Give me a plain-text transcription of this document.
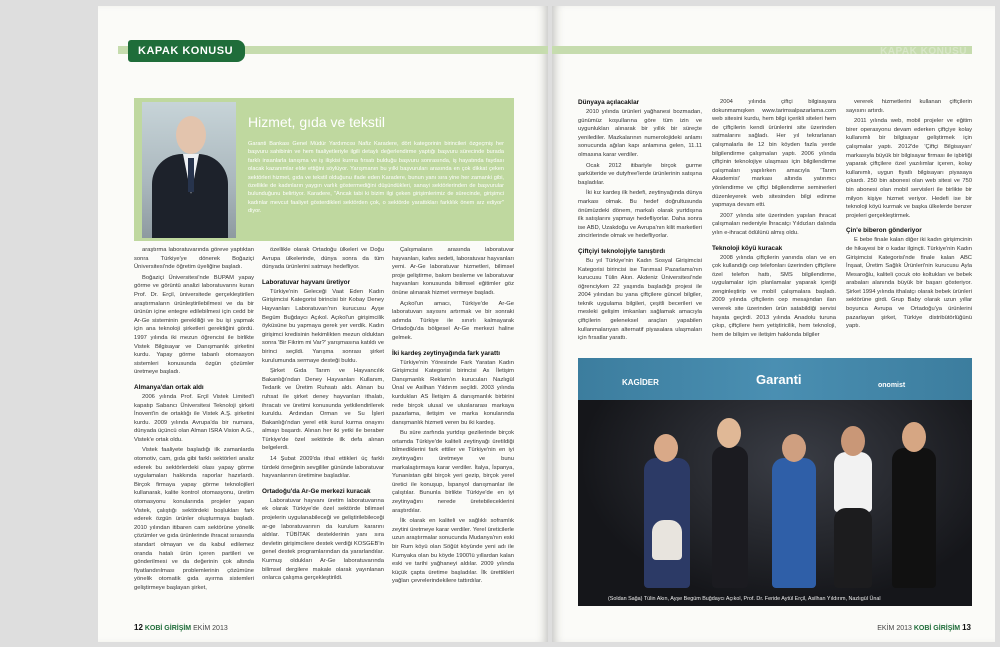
KAPAK KONUSU
Hizmet, gıda ve tekstil
Garanti Bankası Genel Müdür Yardımcısı Nafiz Karadere, dört kategorinin birincileri özgeçmiş her başvuru sahibinin ve hem faaliyetleriyle ilgili detaylı değerlendirme yaptığı başvuru sürecinde burada farklı insanlarla tanışma ve iş ilişkisi kurma fırsatı bulduğu başvuru sonrasında, iş hayatında faydası olacak kazanımlar elde ettiğini söylüyor. Yarışmanın bu yılki başvuruları arasında en çok dikkat çeken sektörleri hizmet, gıda ve tekstil olduğunu ifade eden Karadere, bunun yanı sıra yine her zamanki gibi, özellikle de kadınların yaygın varlık göstermediğini düşündükleri, sanayi sektörlerinden de başvurular bulunduğunu belirtiyor. Karadere, "Ancak tabi ki bizim ilgi çeken girişimlerimiz de sürecinde, girişimci kadınlar mevcut faaliyet gösterdikleri sektörden çok, o sektörde yarattıkları farklılık önem arz ediyor" diyor.

araştırma laboratuvarında göreve yaptıktan sonra Türkiye'ye dönerek Boğaziçi Üniversitesi'nde öğretim üyeliğine başladı.

Boğaziçi Üniversitesi'nde BUPAM yapay görme ve görüntü analizi laboratuvarını kuran Prof. Dr. Erçil, üniversitede gerçekleştirilen araştırmaların ürünleştirilebilmesi ve da bir ürünün içine entegre edilebilmesi için cedd bir Ar-Ge sisteminin gerekliliği ve bu işi yapmak için ana teknoloji şirketleri gerektiğini gördü. 1997 yılında iki mezun öğrencisi ile birlikte Vistek Bilgisayar ve Danışmanlık şirketini kurdu. Yapay görme tabanlı otomasyon sistemleri konusunda özgün çözümler üretmeye başladı.

Almanya'dan ortak aldı

2006 yılında Prof. Erçil Vistek Limited'i kapatıp Sabancı Üniversitesi Teknoloji şirketi İnovent'in de ortaklığı ile Vistek A.Ş. şirketini kurdu. 2009 yılında Avrupa'da bir numara, dünyada üçüncü olan Alman ISRA Vision A.G., Vistek'e ortak oldu.

Vistek faaliyete başladığı ilk zamanlarda otomotiv, cam, gıda gibi farklı sektörleri analiz ederek bu sektörlerdeki olası yapay görme uygulamaları hakkında raporlar hazırlardı. Birçok firmaya yapay görme teknolojileri kullanarak, kalite kontrol otomasyonu, üretim otomasyonu konularında projeler yapan Vistek, çalıştığı sektördeki boşlukları fark ederek özgün ürünler oluşturmaya başladı. 2010 yılından itibaren cam sektörüne yönelik çözümler ve gıda ürünlerinde ihracat sırasında standart olmayan ve da kabul edilemez oranda hatalı ürün içeren partileri ve gönderilmesi ve da değerinin çok altında fiyatlandırılması problemlerinin çözümüne yönelik otomatik gıda ayırma sistemleri geliştirmeye başlayan şirket,

özellikle olarak Ortadoğu ülkeleri ve Doğu Avrupa ülkelerinde, dünya sonra da tüm dünyada ürünlerini satmayı hedefliyor.

Laboratuvar hayvanı üretiyor

Türkiye'nin Geleceği Vaat Eden Kadın Girişimcisi Kategorisi birincisi bir Kobay Deney Hayvanları Laboratuvarı'nın kurucusu Ayşe Begüm Buğdaycı Açıkol. Açıkol'un girişimcilik öyküsüne bu yapmaya gerek yer verdik. Kadın girişimci kredisinin hekimlikten mezun olduktan sonra 'Bir Fikrim mi Var?' yarışmasına katıldı ve birinci seçildi. Yarışma sonrası şirket kurulumunda sermaye desteği buldu.

Şirket Gıda Tarım ve Hayvancılık Bakanlığı'ndan Deney Hayvanları Kullanım, Tedarik ve Üretim Ruhsatı aldı. Alınan bu ruhsat ile şirket deney hayvanları ithalatı, ihracatı ve üretimi konusunda yetkilendirilerek kuruldu. Ardından Orman ve Su İşleri Bakanlığı'ndan yerel etik kurul kurma onayını almayı başardı. Alınan her iki yetki ile beraber Türkiye'de özel sektörde ilk defa alınan belgelerdi.

14 Şubat 2009'da ithal ettikleri üç farklı türdeki örneğinin sevgililer gününde laboratuvar hayvanlarının üretimine başladılar.

Ortadoğu'da Ar-Ge merkezi kuracak

Laboratuvar hayvanı üretim laboratuvarına ek olarak Türkiye'de özel sektörde bilimsel projelerin uygulanabileceği ve geliştirilebileceği ar-ge laboratuvarının da kurulum kararını aldılar. TÜBİTAK desteklerinin yanı sıra devletin girişimcilere destek verdiği KOSGEB'in genel destek programlarından da yararlandılar. Kurmuş oldukları Ar-Ge laboratuvarında bilimsel dergilere makale olarak yayınlanan onlarca çalışma gerçekleştirildi.

Çalışmaların arasında laboratuvar hayvanları, kafes sedeti, laboratuvar hayvanları yemi. Ar-Ge laboratuvar hizmetleri, bilimsel proje geliştirme, bakım besleme ve laboratuvar hayvanları konusunda bilimsel eğitimler göz önüne alınarak hizmet vermeye başladı.

Açıkol'un amacı, Türkiye'de Ar-Ge laboratuvarı sayısını artırmak ve bir sonraki adımda Türkiye ile sınırlı kalmayarak Ortadoğu'da bölgesel Ar-Ge merkezi haline gelmek.

İki kardeş zeytinyağında fark yarattı

Türkiye'nin Yöresinde Fark Yaratan Kadın Girişimcisi Kategorisi birincisi As İletişim Danışmanlık Reklam'ın kurucuları Nazlıgül Ünal ve Asilhan Yıldırım seçildi. 2003 yılında kurdukları AS İletişim & danışmanlık birbirini rede birçok ulusal ve uluslararası markaya pazarlama, iletişim ve marka konularında danışmanlık hizmeti veren bu iki kardeş.

Bu süre zarfında yurtdışı gezilerinde birçok ortamda Türkiye'de kaliteli zeytinyağı üretildiği bilmediklerini fark ettiler ve Türkiye'nin en iyi zeytinyağını üretmeye ve bunu markalaştırmaya karar verdiler. İtalya, İspanya, Yunanistan gibi birçok yeri gezip, birçok yerel üretici ile konuşup, İspanyol danışmanlar ile çalıştılar. Bununla birlikte Türkiye'de en iyi zeytinyağını nerede üretebileceklerini araştırdılar.

İlk olarak en kaliteli ve sağlıklı soframlık zeytini üretmeye karar verdiler. Yerel üreticilerle uzun araştırmalar sonucunda Mudanya'nın eski bir Rum köyü olan Söğüt köyünde yeni adı ile Kumyaka olan bu köyde 1900'lü yıllardan kalan eski ve tarihi yağhaneyi aldılar. 2009 yılında küçük çapta üretime başladılar. İlk ürettikleri yağları çevrelerindekilere tattırdılar.

12 KOBİ GİRİŞİM EKİM 2013
KAPAK KONUSU
Dünyaya açılacaklar

2010 yılında ürünleri yağhanesi bozmadan, günümüz koşullarına göre tüm izin ve uygunlukları alınarak bir yıllık bir süreçte yenilediler. Mazkalarının numerolojideki anlamı sonucunda ağılan kapı anlamına gelen, 11.11 olmasına karar verdiler.

Ocak 2012 itibariyle birçok gurme şarküteride ve dutyfree'lerde ürünlerinin satışına başladılar.

İki kız kardeş ilk hedefi, zeytinyağında dünya markası olmak. Bu hedef doğrultusunda önümüzdeki dönem, markalı olarak yurtdışına ilk satışlarını yapmayı hedefliyorlar. Daha sonra ise ABD, Uzakdoğu ve Avrupa'nın kilit marketleri zincirlerinde olmak ve hedefliyorlar.

Çiftçiyi teknolojiyle tanıştırdı

Bu yıl Türkiye'nin Kadın Sosyal Girişimcisi Kategorisi birincisi ise Tarımsal Pazarlama'nın kurucusu Tülin Akın. Akdeniz Üniversitesi'nde öğrenciyken 22 yaşında başladığı projesi ile 2004 yılından bu yana çiftçilere güncel bilgiler, teknik uygulama bilgileri, çeşitli becerileri ve mesleki gelişim imkanları sağlamak amacıyla çiftçilerin geleneksel araçları yapabilen kullanmalarıyan alternatif piyasalara ulaşmaları için fırsatlar yarattı.

2004 yılında çiftçi bilgisayara dokunmamışken www.tarimsalpazarlama.com web sitesini kurdu, hem bilgi içerikli siteleri hem de çiftçilerin kendi ürünlerini site üzerinden satmalarını sağladı. Her yıl tekrarlanan çalışmalarla ile 12 bin köyden fazla yerde bilgilendirme çalışmaları yaptı. 2006 yılında çiftçinin teknolojiye ulaşması için bilgilendirme çalışmaları yapılırken amacıyla 'Tarım Akademisi' markası altında yatırımcı yönlendirme ve çiftçi bilgilendirme seminerleri düzenleyerek web sitesinden bilgi edinme yapmaya devam etti.

2007 yılında site üzerinden yapılan ihracat çalışmaları nedeniyle İhracatçı Yıldızları dalında yılın e-ihracat ödülünü almış oldu.

Teknoloji köyü kuracak

2008 yılında çiftçilerin yanında olan ve en çok kullandığı cep telefonları üzerinden çiftçilere özel telefon hattı, SMS bilgilendirme, uygulamalar için planlamalar yaparak içeriği zenginleştirip ve mobil çalışmalara başladı. 2009 yılında çiftçilerin cep mesajından ilan vererek site üzerinden ürün satabildiği servisi hayata geçirdi. 2013 yılında Anadolu turuna çıkıp, çiftçilere hem yetiştiricilik, hem teknoloji, hem de bilişim ve iletişim hakkında bilgiler

vererek hizmetlerini kullanan çiftçilerin sayısını artırdı.

2011 yılında web, mobil projeler ve eğitim birer operasyonu devam ederken çiftçiye kolay kullanımlı bir bilgisayar geliştirmek için çalışmalar yaptı. 2012'de 'Çiftçi Bilgisayarı' markasıyla büyük bir bilgisayar firması ile işbirliği yaparak çiftçilere özel yazılımlar içeren, kolay kullanımlı, uygun fiyatlı bilgisayarı piyasaya çıkardı. 250 bin abonesi olan web sitesi ve 750 bin abonesi olan mobil servisleri ile birlikte bir milyon kişiye hizmet veriyor. Hedefi ise bir teknoloji köyü kurmak ve başka ülkelerde benzer projeleri gerçekleştirmek.

Çin'e biberon gönderiyor

E bebe finale kalan diğer iki kadın girişimcinin de hikayesi bir o kadar ilginçti. Türkiye'nin Kadın Girişimcisi Kategorisi'nde finale kalan ABC İnşaat, Üretim Sağlık Ürünleri'nin kurucusu Ayla Mesaroğlu, kaliteli çocuk oto koltukları ve bebek arabaları alanında büyük bir başarı gösteriyor. Şirket 1994 yılında ithalatçı olarak bebek ürünleri sektörüne girdi. Grup Baby olarak uzun yıllar boyunca Avrupa ve Ortadoğu'ya ürünlerini pazarlayan şirket, Türkiye distribütörlüğünü yaptı.

KAGİDER	Garanti	onomist
(Soldan Sağa) Tülin Akın, Ayşe Begüm Buğdaycı Açıkol, Prof. Dr. Feride Aytül Erçil, Asilhan Yıldırım, Nazlıgül Ünal
EKİM 2013 KOBİ GİRİŞİM 13
